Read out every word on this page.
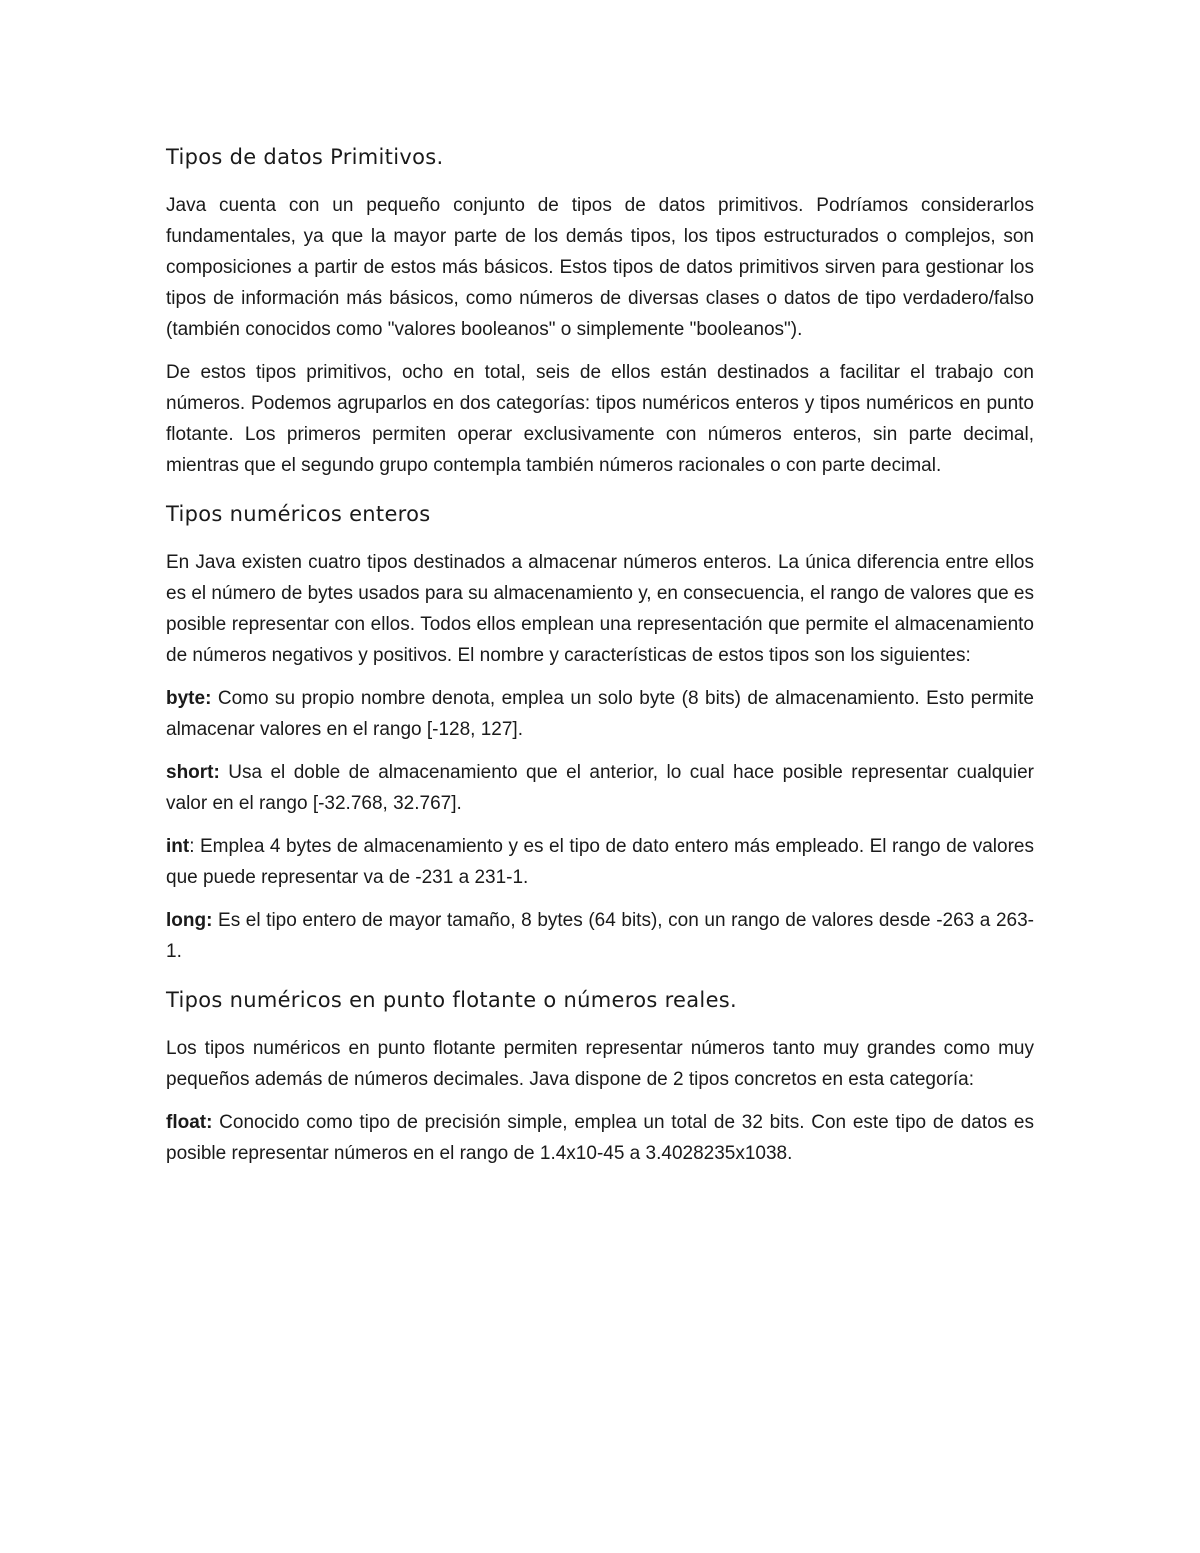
Tipos de datos Primitivos.

Java cuenta con un pequeño conjunto de tipos de datos primitivos. Podríamos considerarlos fundamentales, ya que la mayor parte de los demás tipos, los tipos estructurados o complejos, son composiciones a partir de estos más básicos. Estos tipos de datos primitivos sirven para gestionar los tipos de información más básicos, como números de diversas clases o datos de tipo verdadero/falso (también conocidos como "valores booleanos" o simplemente "booleanos").

De estos tipos primitivos, ocho en total, seis de ellos están destinados a facilitar el trabajo con números. Podemos agruparlos en dos categorías: tipos numéricos enteros y tipos numéricos en punto flotante. Los primeros permiten operar exclusivamente con números enteros, sin parte decimal, mientras que el segundo grupo contempla también números racionales o con parte decimal.

Tipos numéricos enteros

En Java existen cuatro tipos destinados a almacenar números enteros. La única diferencia entre ellos es el número de bytes usados para su almacenamiento y, en consecuencia, el rango de valores que es posible representar con ellos. Todos ellos emplean una representación que permite el almacenamiento de números negativos y positivos. El nombre y características de estos tipos son los siguientes:

byte: Como su propio nombre denota, emplea un solo byte (8 bits) de almacenamiento. Esto permite almacenar valores en el rango [-128, 127].

short: Usa el doble de almacenamiento que el anterior, lo cual hace posible representar cualquier valor en el rango [-32.768, 32.767].

int: Emplea 4 bytes de almacenamiento y es el tipo de dato entero más empleado. El rango de valores que puede representar va de -231 a 231-1.

long: Es el tipo entero de mayor tamaño, 8 bytes (64 bits), con un rango de valores desde -263 a 263-1.

Tipos numéricos en punto flotante o números reales.

Los tipos numéricos en punto flotante permiten representar números tanto muy grandes como muy pequeños además de números decimales. Java dispone de 2 tipos concretos en esta categoría:

float: Conocido como tipo de precisión simple, emplea un total de 32 bits. Con este tipo de datos es posible representar números en el rango de 1.4x10-45 a 3.4028235x1038.
